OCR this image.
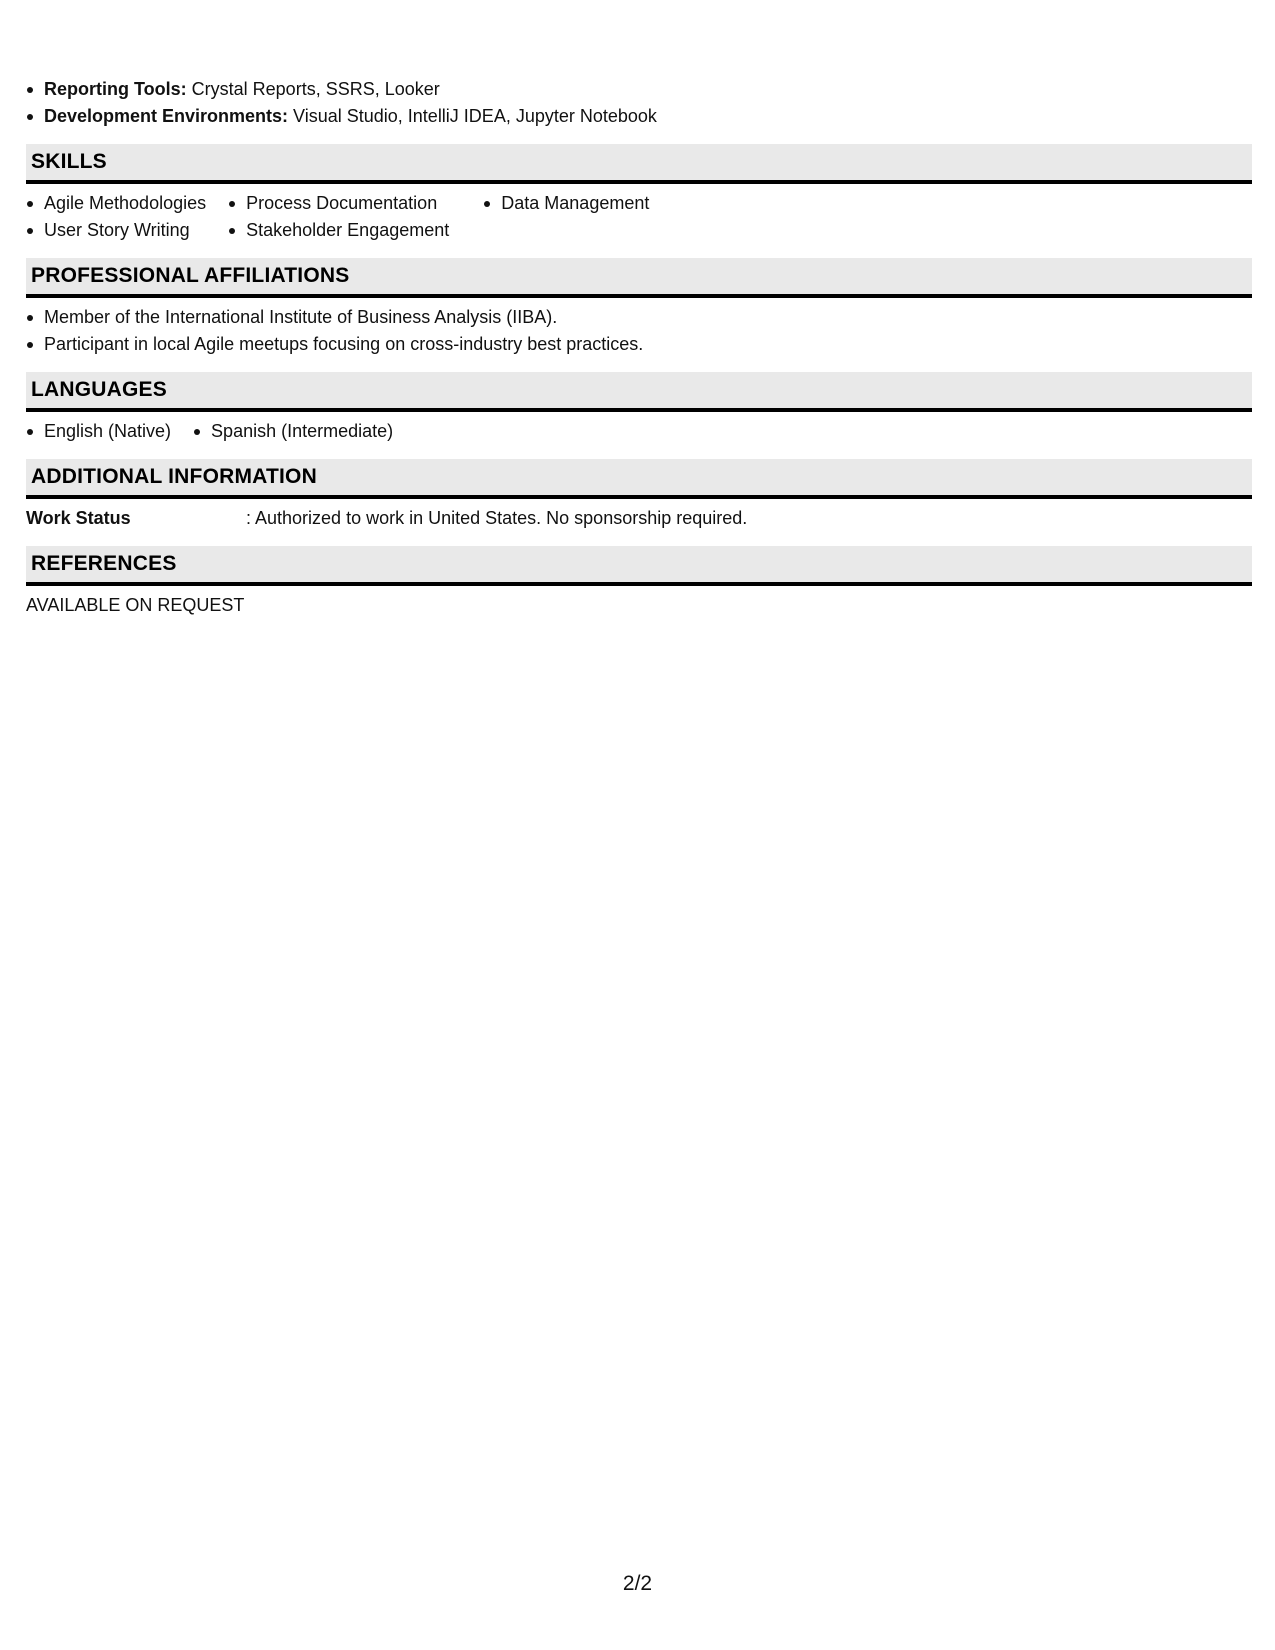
Reporting Tools: Crystal Reports, SSRS, Looker
Development Environments: Visual Studio, IntelliJ IDEA, Jupyter Notebook
SKILLS
Agile Methodologies
User Story Writing
Process Documentation
Stakeholder Engagement
Data Management
PROFESSIONAL AFFILIATIONS
Member of the International Institute of Business Analysis (IIBA).
Participant in local Agile meetups focusing on cross-industry best practices.
LANGUAGES
English (Native)	Spanish (Intermediate)
ADDITIONAL INFORMATION
Work Status	: Authorized to work in United States. No sponsorship required.
REFERENCES
AVAILABLE ON REQUEST
2/2
